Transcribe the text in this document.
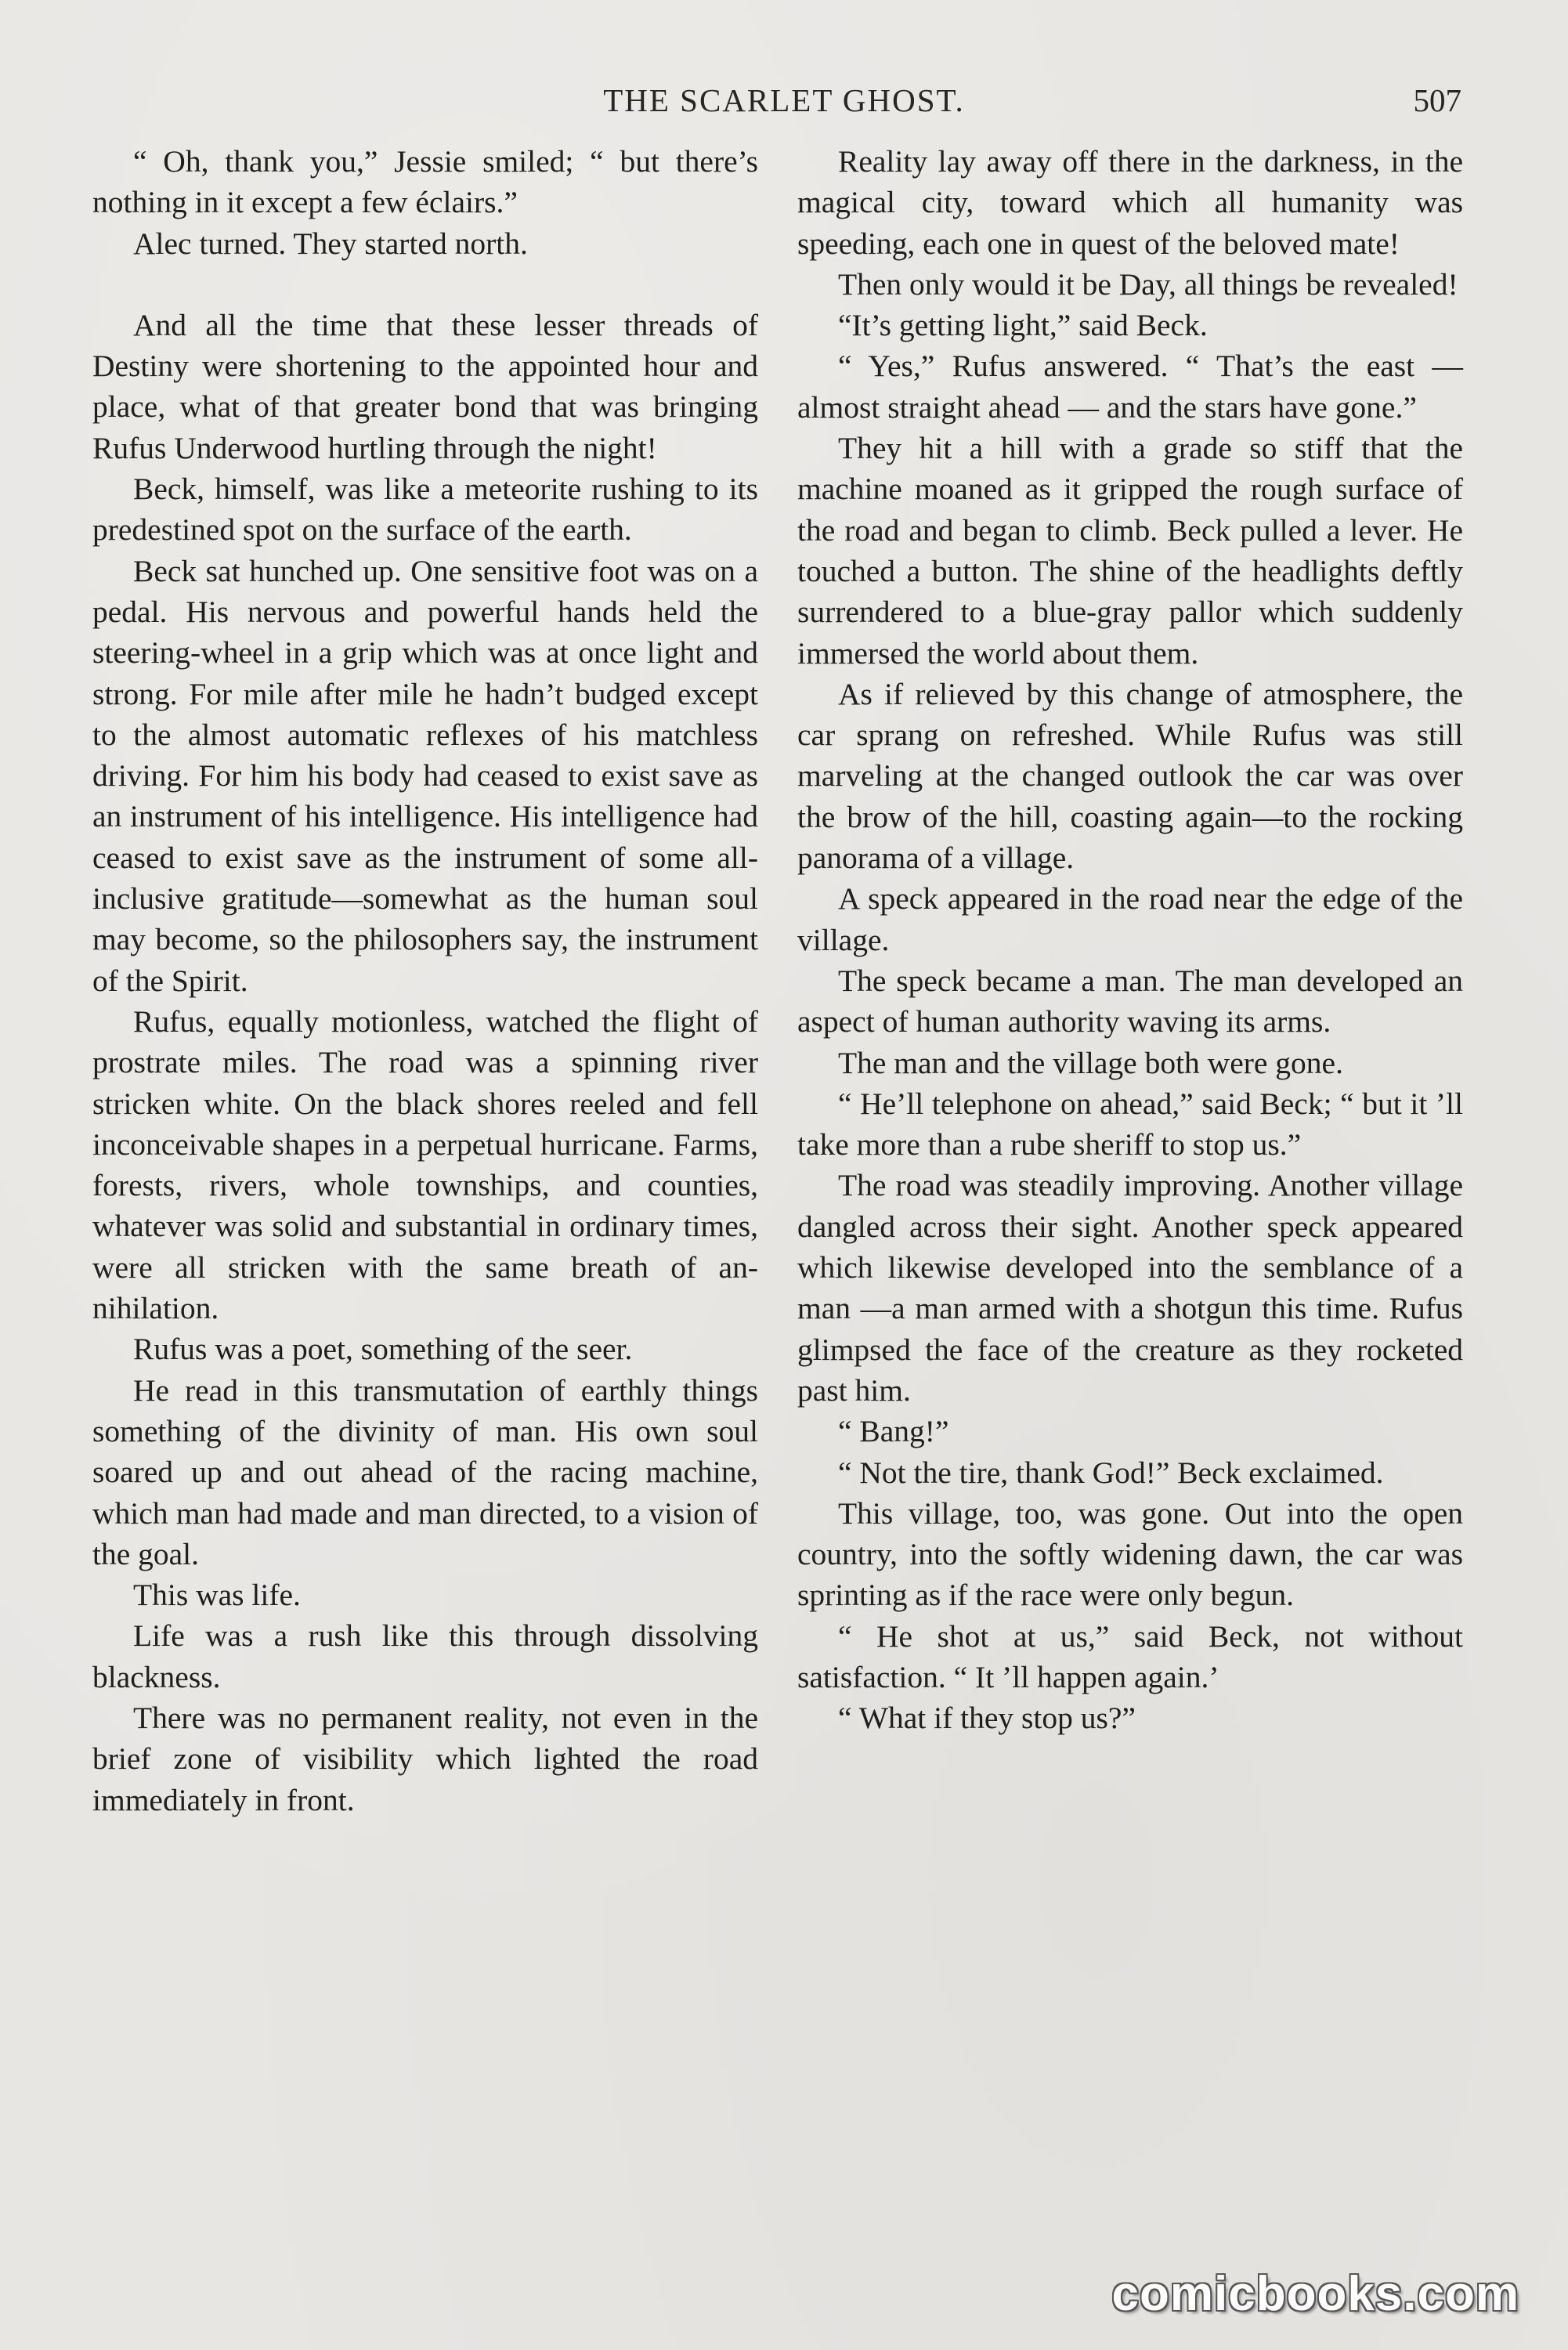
THE SCARLET GHOST.	507

“ Oh, thank you,” Jessie smiled; “ but there’s nothing in it except a few éclairs.”

Alec turned. They started north.

And all the time that these lesser threads of Destiny were shortening to the appointed hour and place, what of that greater bond that was bringing Rufus Underwood hurtling through the night!

Beck, himself, was like a meteorite rushing to its predestined spot on the surface of the earth.

Beck sat hunched up. One sensitive foot was on a pedal. His nervous and powerful hands held the steering-wheel in a grip which was at once light and strong. For mile after mile he hadn’t budged except to the almost automatic reflexes of his matchless driving. For him his body had ceased to exist save as an instrument of his intelligence. His intelligence had ceased to exist save as the instrument of some all-inclusive gratitude—somewhat as the human soul may become, so the philosophers say, the instrument of the Spirit.

Rufus, equally motionless, watched the flight of prostrate miles. The road was a spinning river stricken white. On the black shores reeled and fell inconceivable shapes in a perpetual hurricane. Farms, forests, rivers, whole townships, and counties, whatever was solid and substantial in ordinary times, were all stricken with the same breath of annihilation.

Rufus was a poet, something of the seer.

He read in this transmutation of earthly things something of the divinity of man. His own soul soared up and out ahead of the racing machine, which man had made and man directed, to a vision of the goal.

This was life.

Life was a rush like this through dissolving blackness.

There was no permanent reality, not even in the brief zone of visibility which lighted the road immediately in front.

Reality lay away off there in the darkness, in the magical city, toward which all humanity was speeding, each one in quest of the beloved mate!

Then only would it be Day, all things be revealed!

“It’s getting light,” said Beck.

“ Yes,” Rufus answered. “ That’s the east — almost straight ahead — and the stars have gone.”

They hit a hill with a grade so stiff that the machine moaned as it gripped the rough surface of the road and began to climb. Beck pulled a lever. He touched a button. The shine of the headlights deftly surrendered to a blue-gray pallor which suddenly immersed the world about them.

As if relieved by this change of atmosphere, the car sprang on refreshed. While Rufus was still marveling at the changed outlook the car was over the brow of the hill, coasting again—to the rocking panorama of a village.

A speck appeared in the road near the edge of the village.

The speck became a man. The man developed an aspect of human authority waving its arms.

The man and the village both were gone.

“ He’ll telephone on ahead,” said Beck; “ but it ’ll take more than a rube sheriff to stop us.”

The road was steadily improving. Another village dangled across their sight. Another speck appeared which likewise developed into the semblance of a man —a man armed with a shotgun this time. Rufus glimpsed the face of the creature as they rocketed past him.

“ Bang!”

“ Not the tire, thank God!” Beck exclaimed.

This village, too, was gone. Out into the open country, into the softly widening dawn, the car was sprinting as if the race were only begun.

“ He shot at us,” said Beck, not without satisfaction. “ It ’ll happen again.’

“ What if they stop us?”

comicbooks.com
